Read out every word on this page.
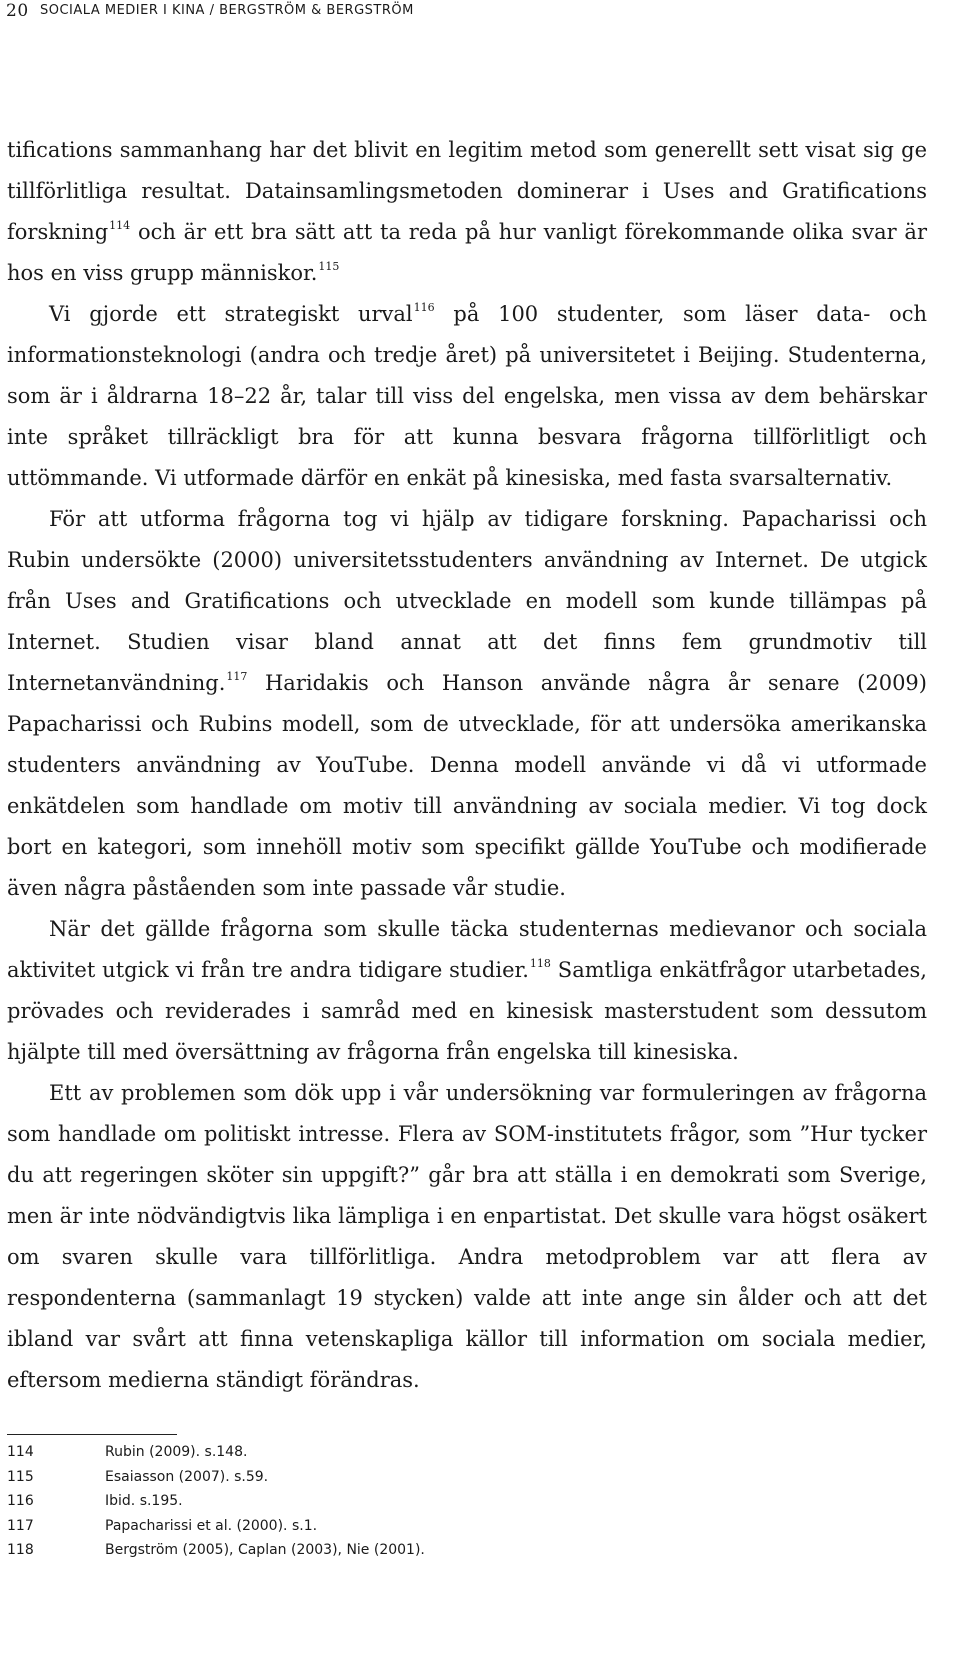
20 SOCIALA MEDIER I KINA / BERGSTRÖM & BERGSTRÖM

tifications sammanhang har det blivit en legitim metod som generellt sett visat sig ge tillförlitliga resultat. Datainsamlingsmetoden dominerar i Uses and Gratifications forskning$^{114}$ och är ett bra sätt att ta reda på hur vanligt förekommande olika svar är hos en viss grupp människor.$^{115}$

Vi gjorde ett strategiskt urval$^{116}$ på 100 studenter, som läser data- och informationsteknologi (andra och tredje året) på universitetet i Beijing. Studenterna, som är i åldrarna 18–22 år, talar till viss del engelska, men vissa av dem behärskar inte språket tillräckligt bra för att kunna besvara frågorna tillförlitligt och uttömmande. Vi utformade därför en enkät på kinesiska, med fasta svarsalternativ.

För att utforma frågorna tog vi hjälp av tidigare forskning. Papacharissi och Rubin undersökte (2000) universitetsstudenters användning av Internet. De utgick från Uses and Gratifications och utvecklade en modell som kunde tillämpas på Internet. Studien visar bland annat att det finns fem grundmotiv till Internetanvändning.$^{117}$ Haridakis och Hanson använde några år senare (2009) Papacharissi och Rubins modell, som de utvecklade, för att undersöka amerikanska studenters användning av YouTube. Denna modell använde vi då vi utformade enkätdelen som handlade om motiv till användning av sociala medier. Vi tog dock bort en kategori, som innehöll motiv som specifikt gällde YouTube och modifierade även några påståenden som inte passade vår studie.

När det gällde frågorna som skulle täcka studenternas medievanor och sociala aktivitet utgick vi från tre andra tidigare studier.$^{118}$ Samtliga enkätfrågor utarbetades, prövades och reviderades i samråd med en kinesisk masterstudent som dessutom hjälpte till med översättning av frågorna från engelska till kinesiska.

Ett av problemen som dök upp i vår undersökning var formuleringen av frågorna som handlade om politiskt intresse. Flera av SOM-institutets frågor, som ”Hur tycker du att regeringen sköter sin uppgift?” går bra att ställa i en demokrati som Sverige, men är inte nödvändigtvis lika lämpliga i en enpartistat. Det skulle vara högst osäkert om svaren skulle vara tillförlitliga. Andra metodproblem var att flera av respondenterna (sammanlagt 19 stycken) valde att inte ange sin ålder och att det ibland var svårt att finna vetenskapliga källor till information om sociala medier, eftersom medierna ständigt förändras.

114	Rubin (2009). s.148.
115	Esaiasson (2007). s.59.
116	Ibid. s.195.
117	Papacharissi et al. (2000). s.1.
118	Bergström (2005), Caplan (2003), Nie (2001).
